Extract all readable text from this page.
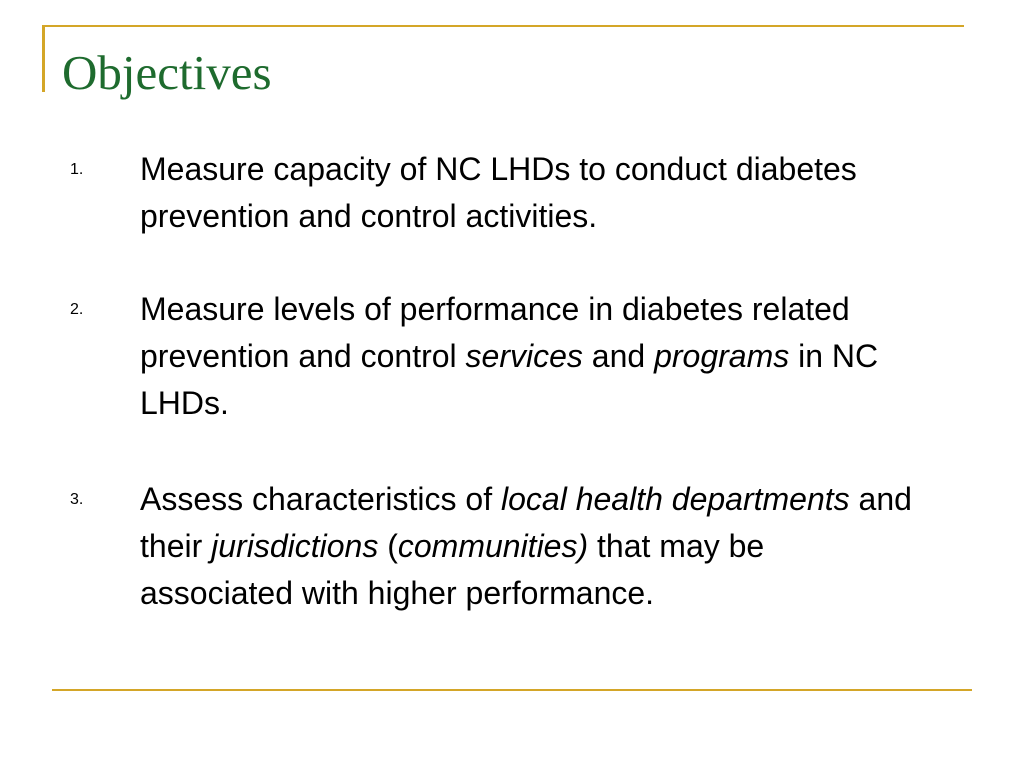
Objectives
1. Measure capacity of NC LHDs to conduct diabetes prevention and control activities.

2. Measure levels of performance in diabetes related prevention and control services and programs in NC LHDs.

3. Assess characteristics of local health departments and their jurisdictions (communities) that may be associated with higher performance.
